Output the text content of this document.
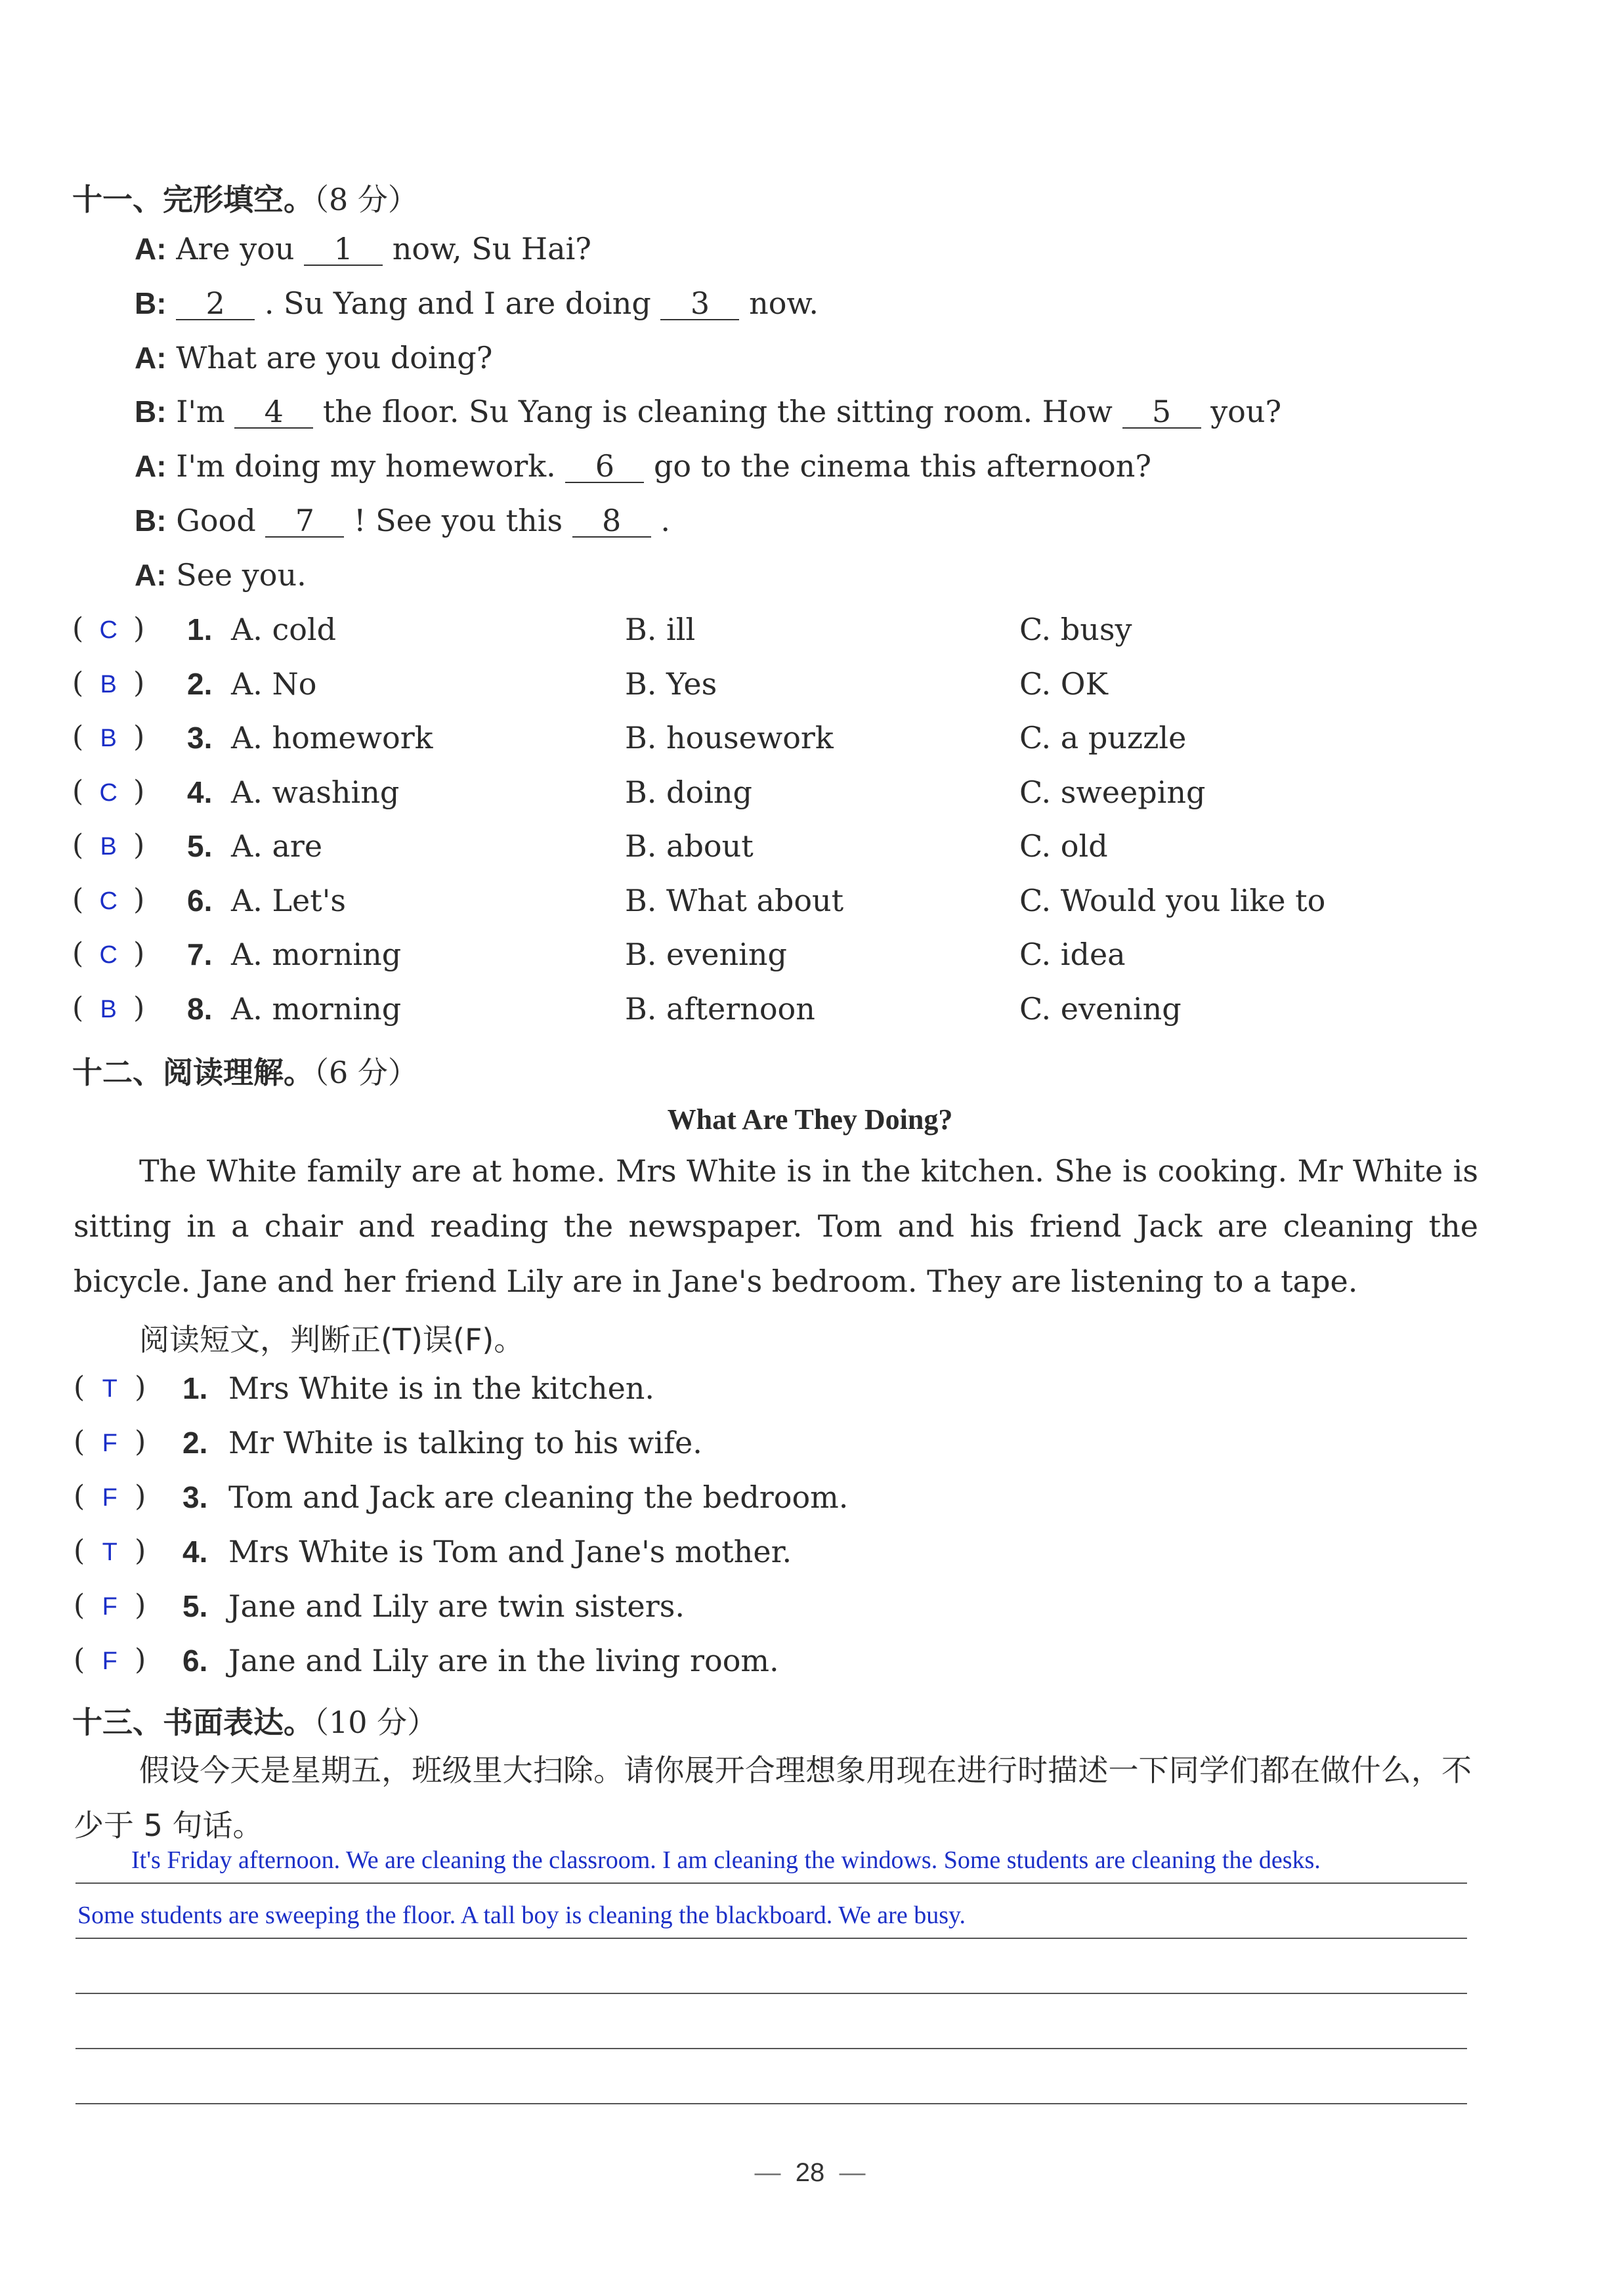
十一、完形填空。（8 分）
A: Are you 1 now, Su Hai?
B: 2 . Su Yang and I are doing 3 now.
A: What are you doing?
B: I'm 4 the floor. Su Yang is cleaning the sitting room. How 5 you?
A: I'm doing my homework. 6 go to the cinema this afternoon?
B: Good 7 ! See you this 8 .
A: See you.
( C ) 1. A. cold	B. ill	C. busy
( B ) 2. A. No	B. Yes	C. OK
( B ) 3. A. homework	B. housework	C. a puzzle
( C ) 4. A. washing	B. doing	C. sweeping
( B ) 5. A. are	B. about	C. old
( C ) 6. A. Let's	B. What about	C. Would you like to
( C ) 7. A. morning	B. evening	C. idea
( B ) 8. A. morning	B. afternoon	C. evening
十二、阅读理解。（6 分）
What Are They Doing?
The White family are at home. Mrs White is in the kitchen. She is cooking. Mr White is sitting in a chair and reading the newspaper. Tom and his friend Jack are cleaning the bicycle. Jane and her friend Lily are in Jane's bedroom. They are listening to a tape.
阅读短文，判断正(T)误(F)。
( T ) 1. Mrs White is in the kitchen.
( F ) 2. Mr White is talking to his wife.
( F ) 3. Tom and Jack are cleaning the bedroom.
( T ) 4. Mrs White is Tom and Jane's mother.
( F ) 5. Jane and Lily are twin sisters.
( F ) 6. Jane and Lily are in the living room.
十三、书面表达。（10 分）
假设今天是星期五，班级里大扫除。请你展开合理想象用现在进行时描述一下同学们都在做什么，不少于 5 句话。
It's Friday afternoon. We are cleaning the classroom. I am cleaning the windows. Some students are cleaning the desks.
Some students are sweeping the floor. A tall boy is cleaning the blackboard. We are busy.
— 28 —
